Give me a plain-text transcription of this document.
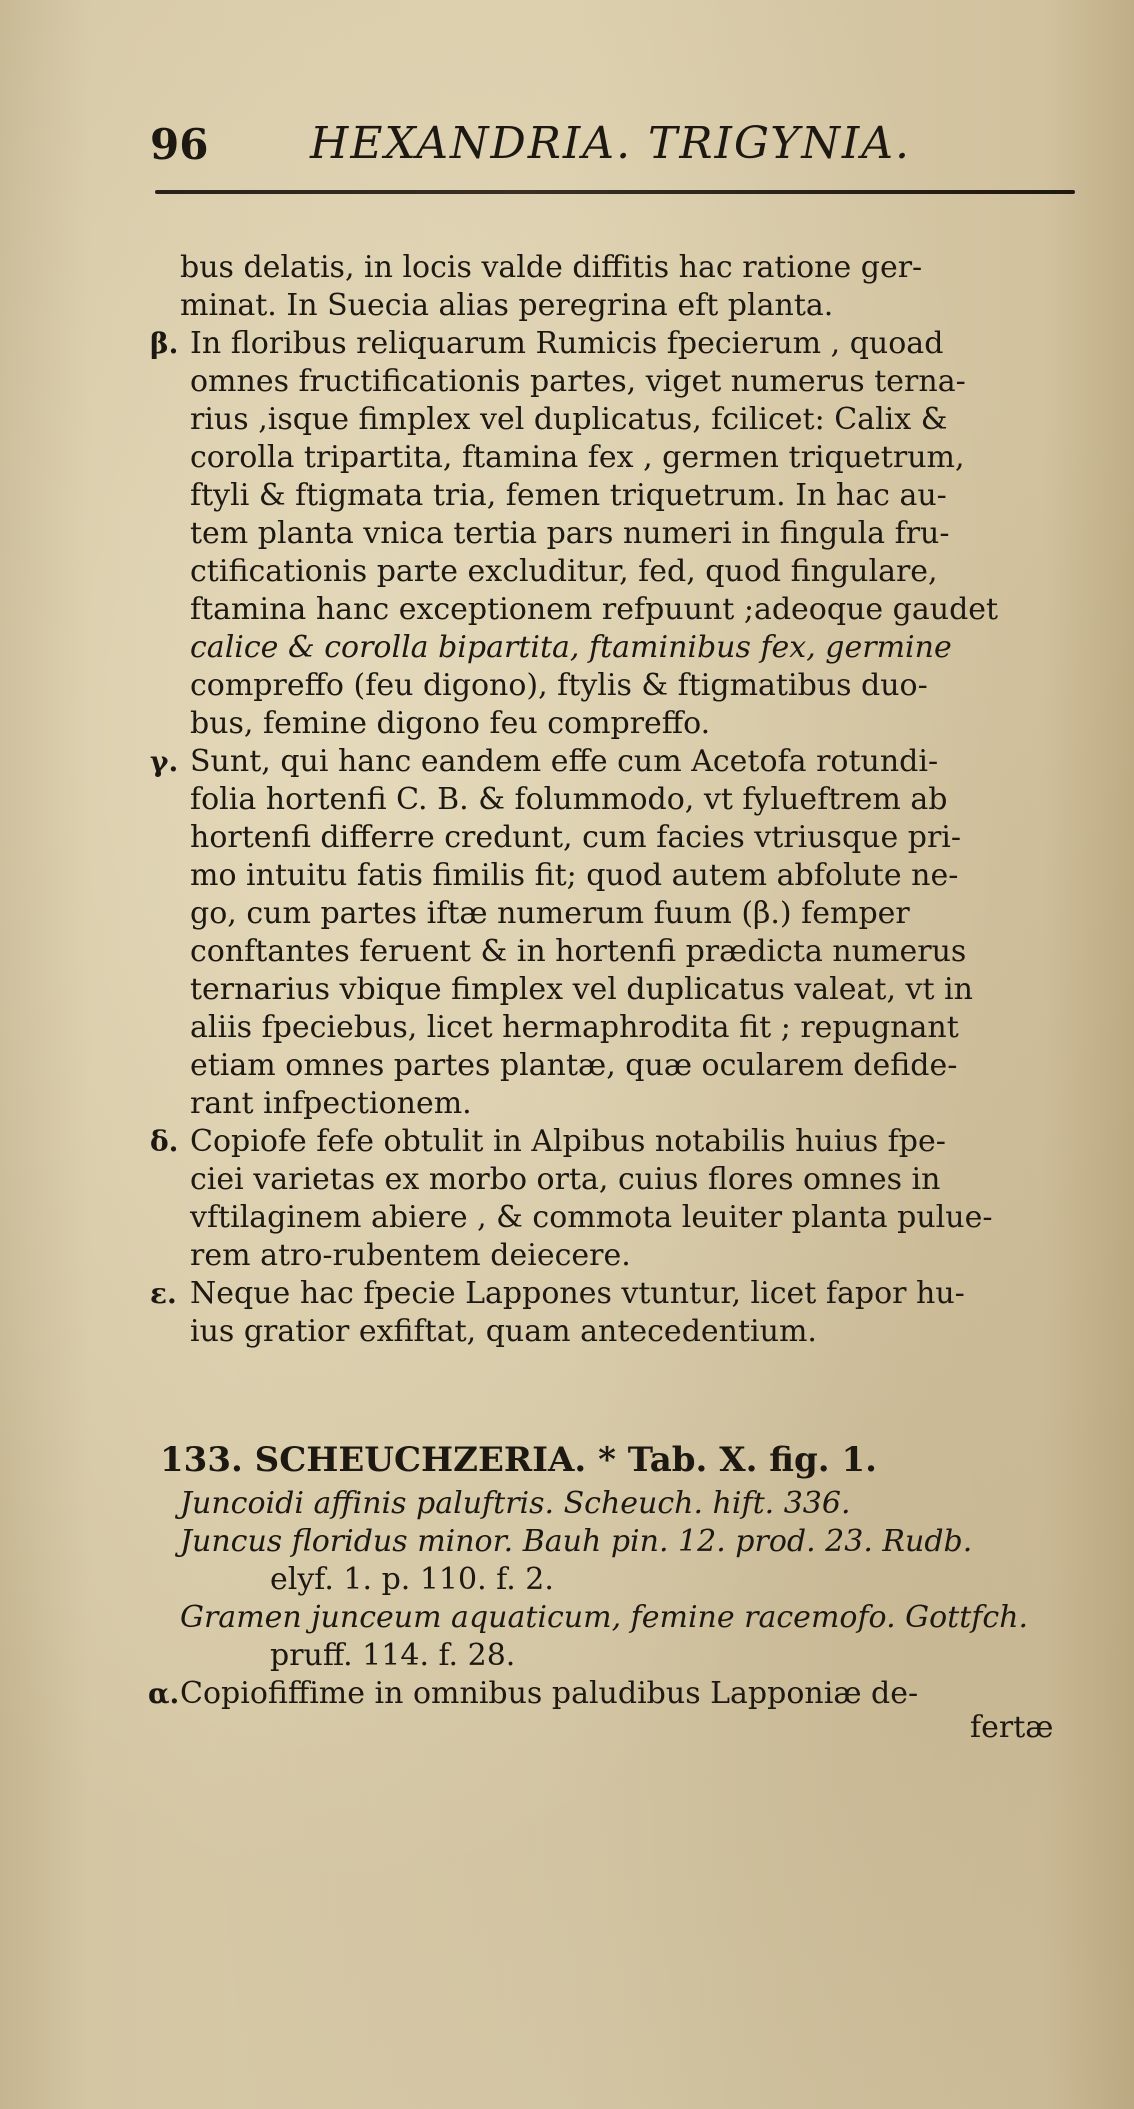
96 HEXANDRIA. TRIGYNIA.
bus delatis, in locis valde diffitis hac ratione ger-
minat. In Suecia alias peregrina eft planta.
β. In floribus reliquarum Rumicis fpecierum , quoad
omnes fructificationis partes, viget numerus terna-
rius ,isque fimplex vel duplicatus, fcilicet: Calix &
corolla tripartita, ftamina fex , germen triquetrum,
ftyli & ftigmata tria, femen triquetrum. In hac au-
tem planta vnica tertia pars numeri in fingula fru-
ctificationis parte excluditur, fed, quod fingulare,
ftamina hanc exceptionem refpuunt ;adeoque gaudet
calice & corolla bipartita, ftaminibus fex, germine
compreffo (feu digono), ftylis & ftigmatibus duo-
bus, femine digono feu compreffo.
γ. Sunt, qui hanc eandem effe cum Acetofa rotundi-
folia hortenfi C. B. & folummodo, vt fylueftrem ab
hortenfi differre credunt, cum facies vtriusque pri-
mo intuitu fatis fimilis fit; quod autem abfolute ne-
go, cum partes iftæ numerum fuum (β.) femper
conftantes feruent & in hortenfi prædicta numerus
ternarius vbique fimplex vel duplicatus valeat, vt in
aliis fpeciebus, licet hermaphrodita fit ; repugnant
etiam omnes partes plantæ, quæ ocularem defide-
rant infpectionem.
δ. Copiofe fefe obtulit in Alpibus notabilis huius fpe-
ciei varietas ex morbo orta, cuius flores omnes in
vftilaginem abiere , & commota leuiter planta pulue-
rem atro-rubentem deiecere.
ε. Neque hac fpecie Lappones vtuntur, licet fapor hu-
ius gratior exfiftat, quam antecedentium.
133. SCHEUCHZERIA. * Tab. X. fig. 1.
Juncoidi affinis paluftris. Scheuch. hift. 336.
Juncus floridus minor. Bauh pin. 12. prod. 23. Rudb.
elyf. 1. p. 110. f. 2.
Gramen junceum aquaticum, femine racemofo. Gottfch.
pruff. 114. f. 28.
α. Copiofiffime in omnibus paludibus Lapponiæ de-
fertæ
